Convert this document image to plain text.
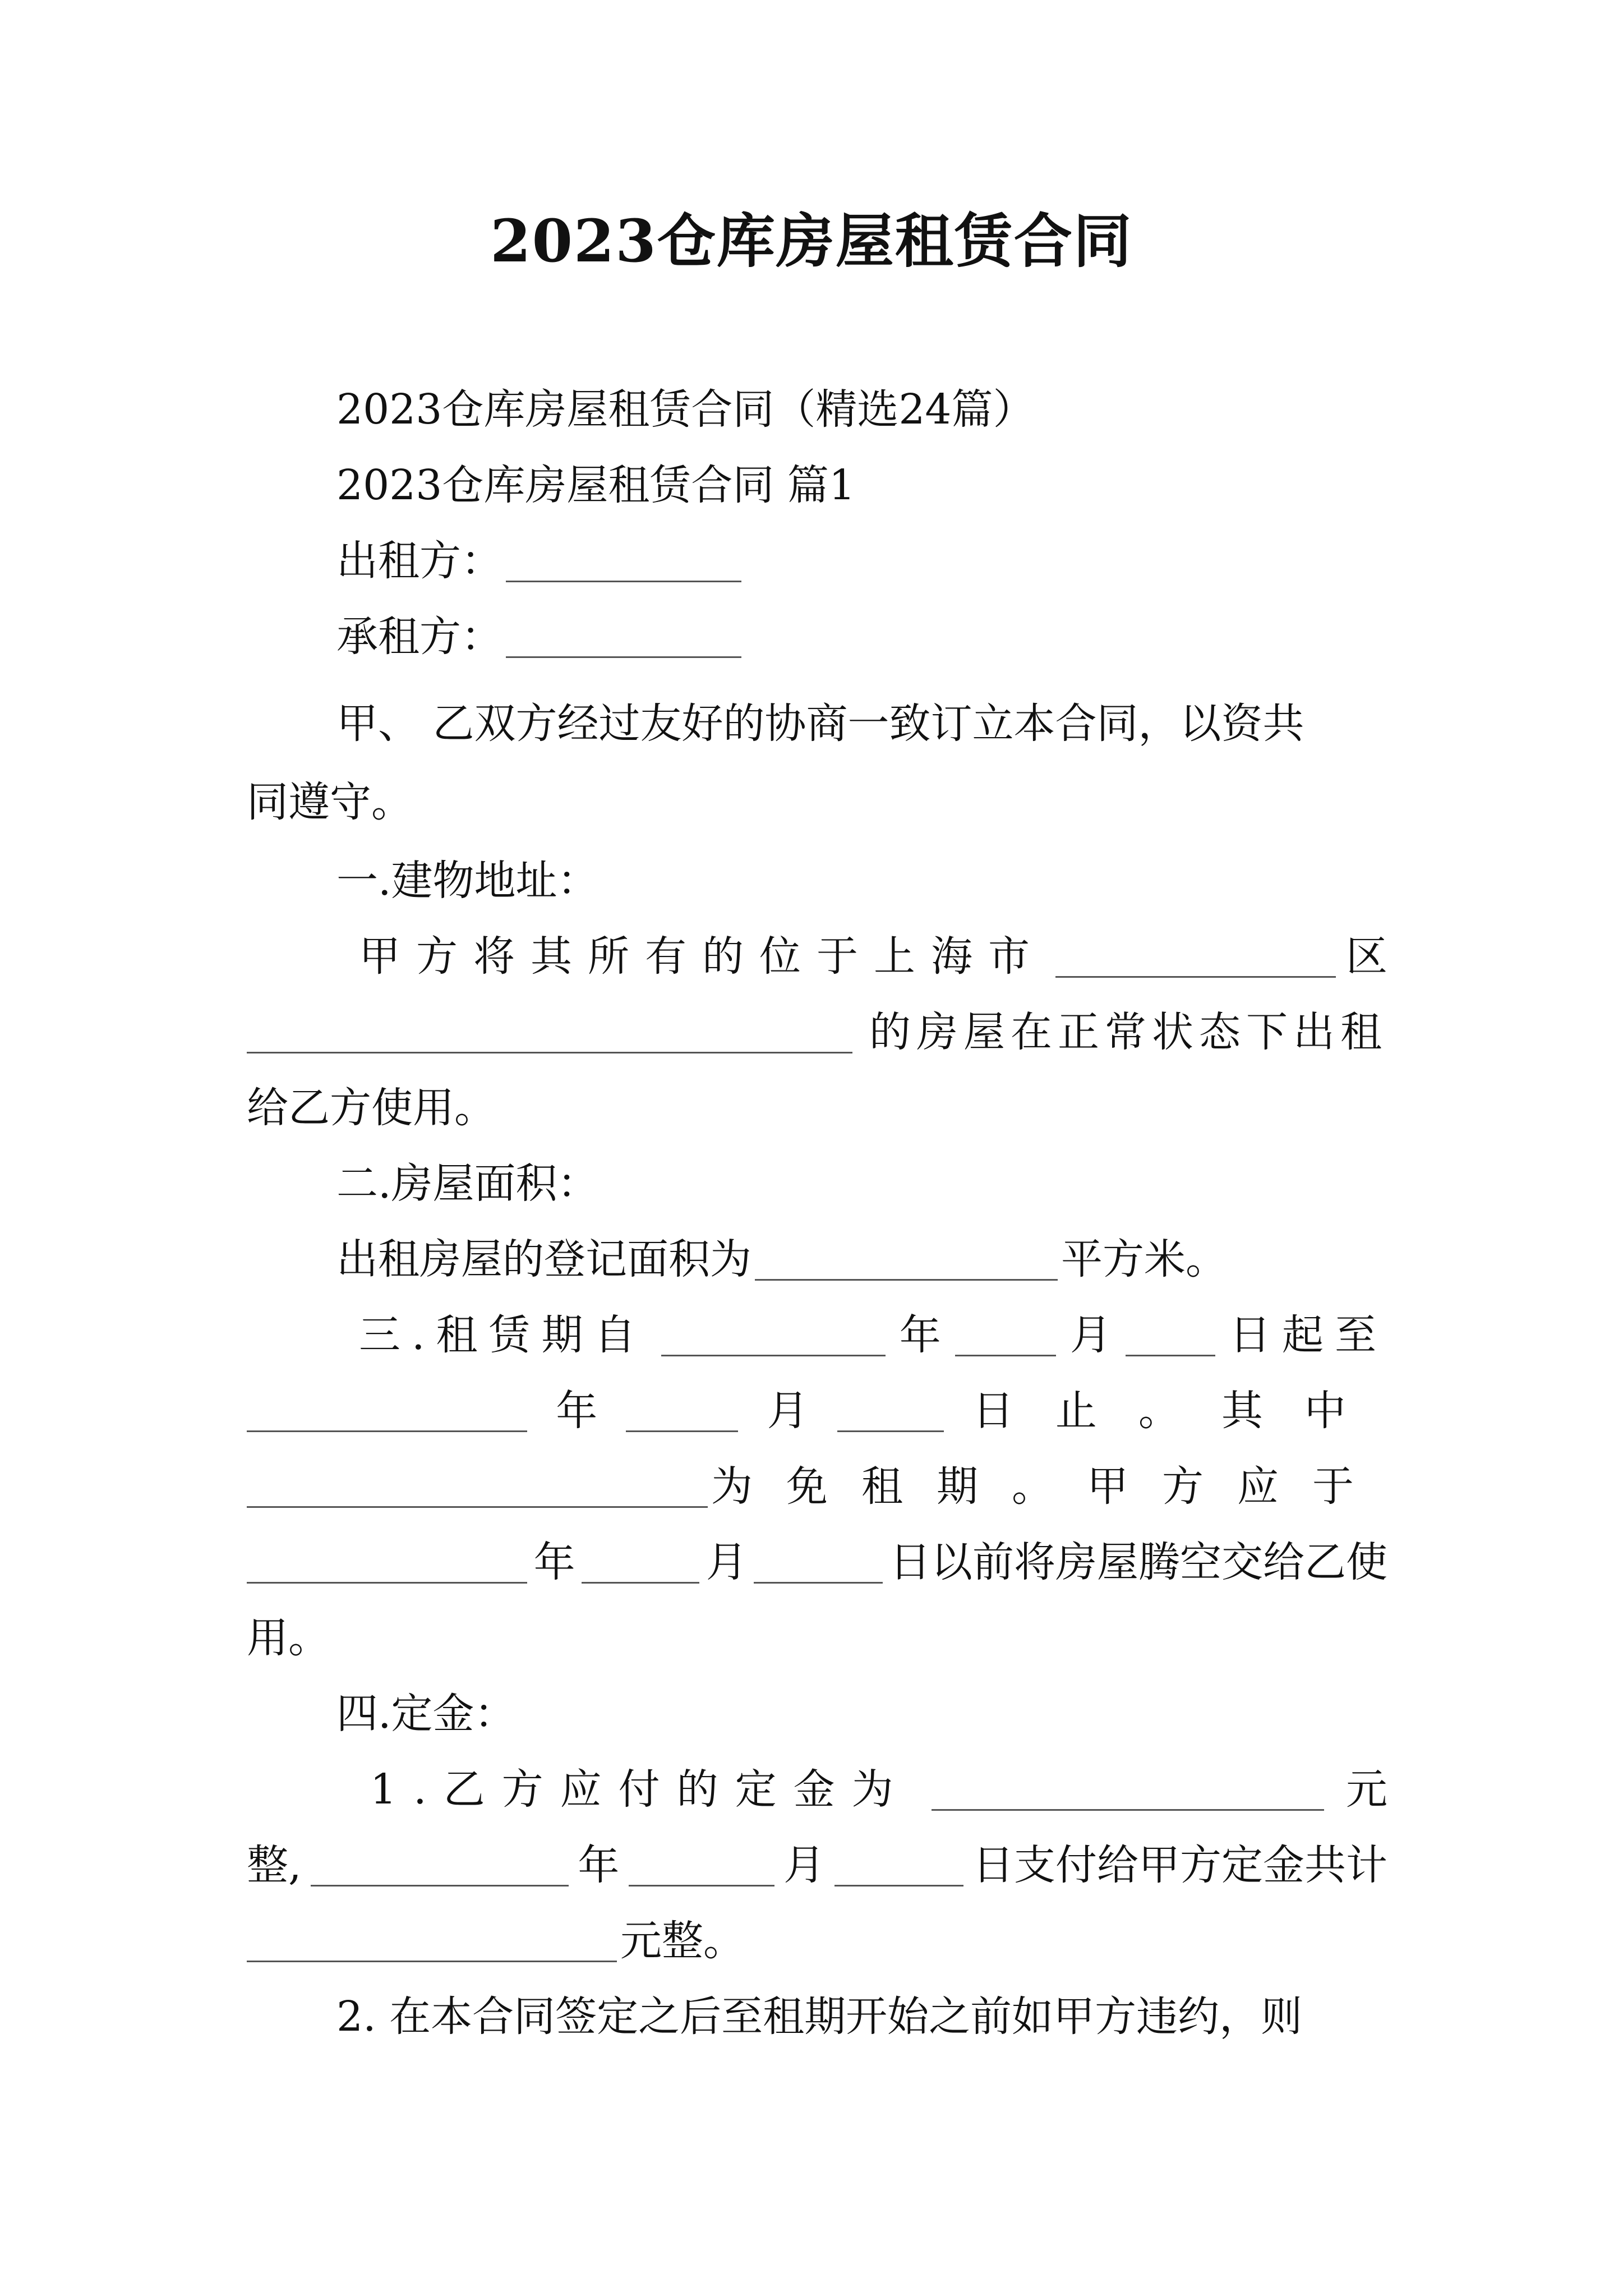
2023仓库房屋租赁合同
2023仓库房屋租赁合同（精选24篇）
2023仓库房屋租赁合同 篇1
出租方：
承租方：
甲、 乙双方经过友好的协商一致订立本合同，以资共
同遵守。
一.建物地址：
甲方将其所有的位于上海市	区
的房屋在正常状态下出租
给乙方使用。
二.房屋面积：
出租房屋的登记面积为	平方米。
三.租赁期自	年	月	日起至
年	月	日止。其中
为免租期。甲方应于
年	月	日以前将房屋腾空交给乙使
用。
四.定金：
1.乙方应付的定金为	元
整,	年	月	日支付给甲方定金共计
元整。
2. 在本合同签定之后至租期开始之前如甲方违约，则
